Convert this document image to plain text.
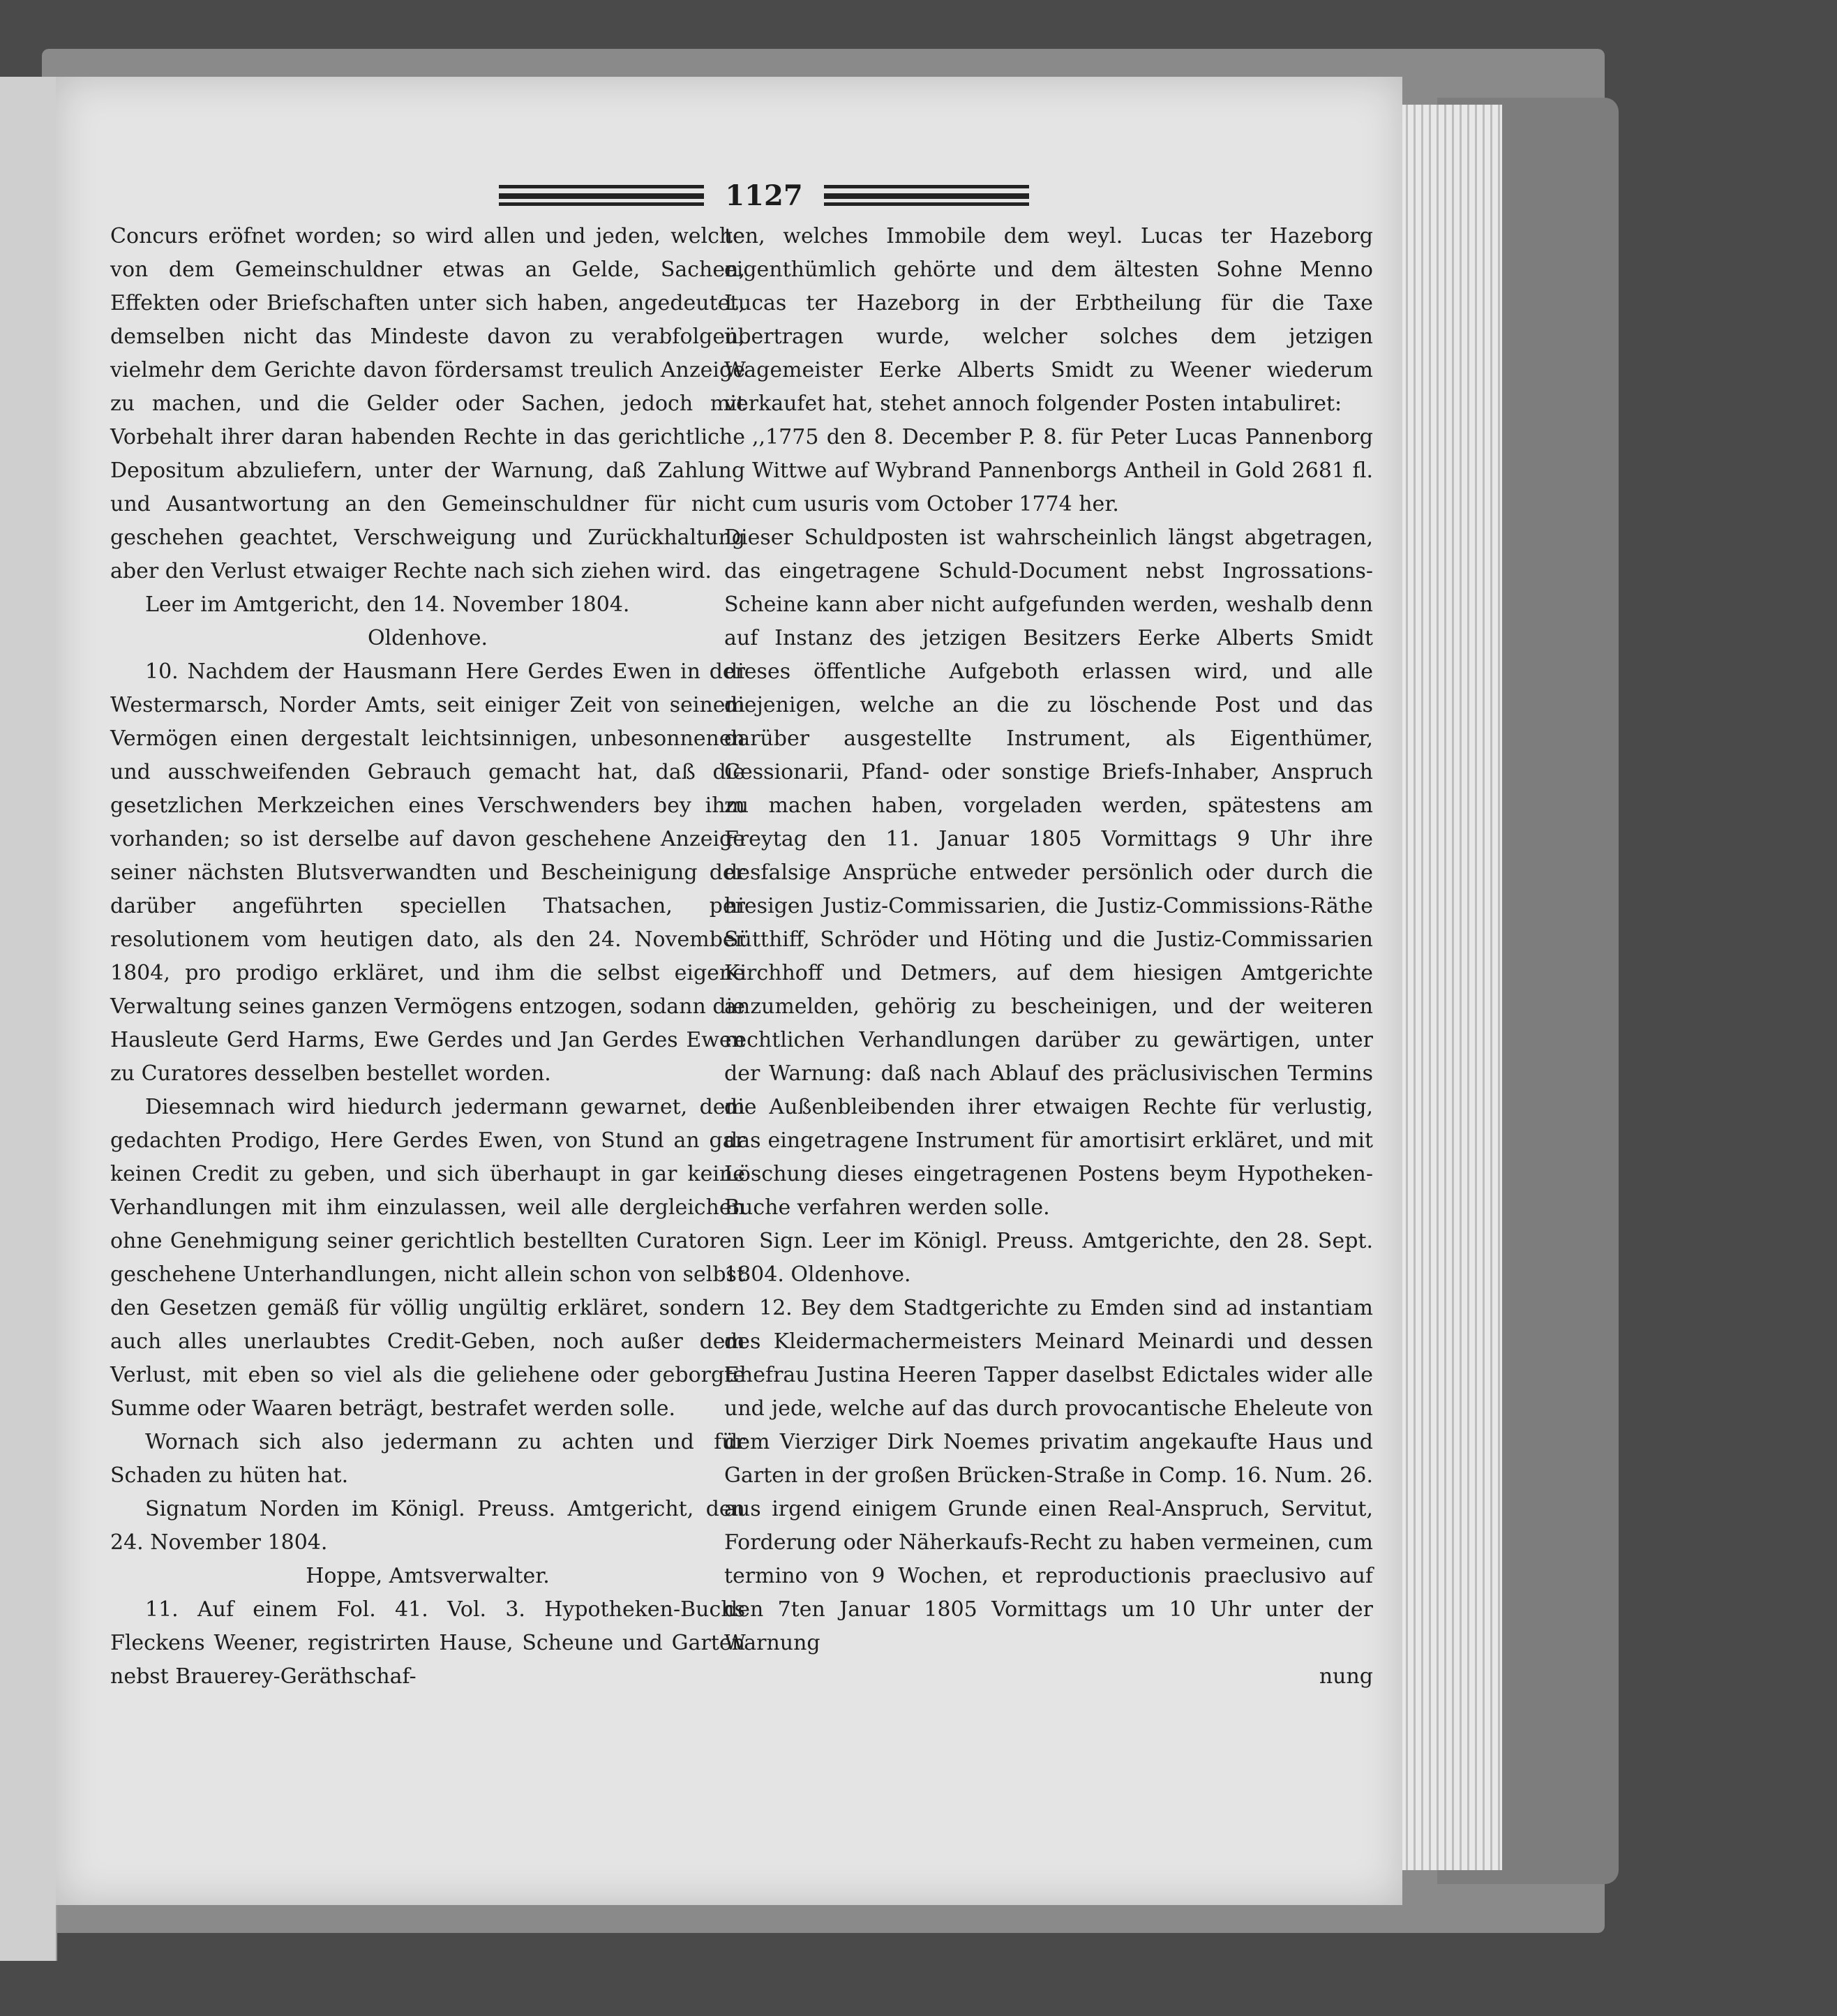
1127

Concurs eröfnet worden; so wird allen und jeden, welche von dem Gemeinschuldner etwas an Gelde, Sachen, Effekten oder Briefschaften unter sich haben, angedeutet, demselben nicht das Mindeste davon zu verabfolgen, vielmehr dem Gerichte davon fördersamst treulich Anzeige zu machen, und die Gelder oder Sachen, jedoch mit Vorbehalt ihrer daran habenden Rechte in das gerichtliche Depositum abzuliefern, unter der Warnung, daß Zahlung und Ausantwortung an den Gemeinschuldner für nicht geschehen geachtet, Verschweigung und Zurückhaltung aber den Verlust etwaiger Rechte nach sich ziehen wird.

Leer im Amtgericht, den 14. November 1804.

Oldenhove.

10. Nachdem der Hausmann Here Gerdes Ewen in der Westermarsch, Norder Amts, seit einiger Zeit von seinem Vermögen einen dergestalt leichtsinnigen, unbesonnenen und ausschweifenden Gebrauch gemacht hat, daß die gesetzlichen Merkzeichen eines Verschwenders bey ihm vorhanden; so ist derselbe auf davon geschehene Anzeige seiner nächsten Blutsverwandten und Bescheinigung der darüber angeführten speciellen Thatsachen, per resolutionem vom heutigen dato, als den 24. November 1804, pro prodigo erkläret, und ihm die selbst eigene Verwaltung seines ganzen Vermögens entzogen, sodann die Hausleute Gerd Harms, Ewe Gerdes und Jan Gerdes Ewen zu Curatores desselben bestellet worden.

Diesemnach wird hiedurch jedermann gewarnet, dem gedachten Prodigo, Here Gerdes Ewen, von Stund an gar keinen Credit zu geben, und sich überhaupt in gar keine Verhandlungen mit ihm einzulassen, weil alle dergleichen ohne Genehmigung seiner gerichtlich bestellten Curatoren geschehene Unterhandlungen, nicht allein schon von selbst den Gesetzen gemäß für völlig ungültig erkläret, sondern auch alles unerlaubtes Credit-Geben, noch außer dem Verlust, mit eben so viel als die geliehene oder geborgte Summe oder Waaren beträgt, bestrafet werden solle.

Wornach sich also jedermann zu achten und für Schaden zu hüten hat.

Signatum Norden im Königl. Preuss. Amtgericht, den 24. November 1804.

Hoppe, Amtsverwalter.

11. Auf einem Fol. 41. Vol. 3. Hypotheken-Buchs Fleckens Weener, registrirten Hause, Scheune und Garten nebst Brauerey-Geräthschaf-

ten, welches Immobile dem weyl. Lucas ter Hazeborg eigenthümlich gehörte und dem ältesten Sohne Menno Lucas ter Hazeborg in der Erbtheilung für die Taxe übertragen wurde, welcher solches dem jetzigen Wagemeister Eerke Alberts Smidt zu Weener wiederum verkaufet hat, stehet annoch folgender Posten intabuliret:

,,1775 den 8. December P. 8. für Peter Lucas Pannenborg Wittwe auf Wybrand Pannenborgs Antheil in Gold 2681 fl. cum usuris vom October 1774 her.

Dieser Schuldposten ist wahrscheinlich längst abgetragen, das eingetragene Schuld-Document nebst Ingrossations-Scheine kann aber nicht aufgefunden werden, weshalb denn auf Instanz des jetzigen Besitzers Eerke Alberts Smidt dieses öffentliche Aufgeboth erlassen wird, und alle diejenigen, welche an die zu löschende Post und das darüber ausgestellte Instrument, als Eigenthümer, Cessionarii, Pfand- oder sonstige Briefs-Inhaber, Anspruch zu machen haben, vorgeladen werden, spätestens am Freytag den 11. Januar 1805 Vormittags 9 Uhr ihre desfalsige Ansprüche entweder persönlich oder durch die hiesigen Justiz-Commissarien, die Justiz-Commissions-Räthe Sütthiff, Schröder und Höting und die Justiz-Commissarien Kirchhoff und Detmers, auf dem hiesigen Amtgerichte anzumelden, gehörig zu bescheinigen, und der weiteren rechtlichen Verhandlungen darüber zu gewärtigen, unter der Warnung: daß nach Ablauf des präclusivischen Termins die Außenbleibenden ihrer etwaigen Rechte für verlustig, das eingetragene Instrument für amortisirt erkläret, und mit Löschung dieses eingetragenen Postens beym Hypotheken-Buche verfahren werden solle.

Sign. Leer im Königl. Preuss. Amtgerichte, den 28. Sept. 1804. Oldenhove.

12. Bey dem Stadtgerichte zu Emden sind ad instantiam des Kleidermachermeisters Meinard Meinardi und dessen Ehefrau Justina Heeren Tapper daselbst Edictales wider alle und jede, welche auf das durch provocantische Eheleute von dem Vierziger Dirk Noemes privatim angekaufte Haus und Garten in der großen Brücken-Straße in Comp. 16. Num. 26. aus irgend einigem Grunde einen Real-Anspruch, Servitut, Forderung oder Näherkaufs-Recht zu haben vermeinen, cum termino von 9 Wochen, et reproductionis praeclusivo auf den 7ten Januar 1805 Vormittags um 10 Uhr unter der Warnung

nung
